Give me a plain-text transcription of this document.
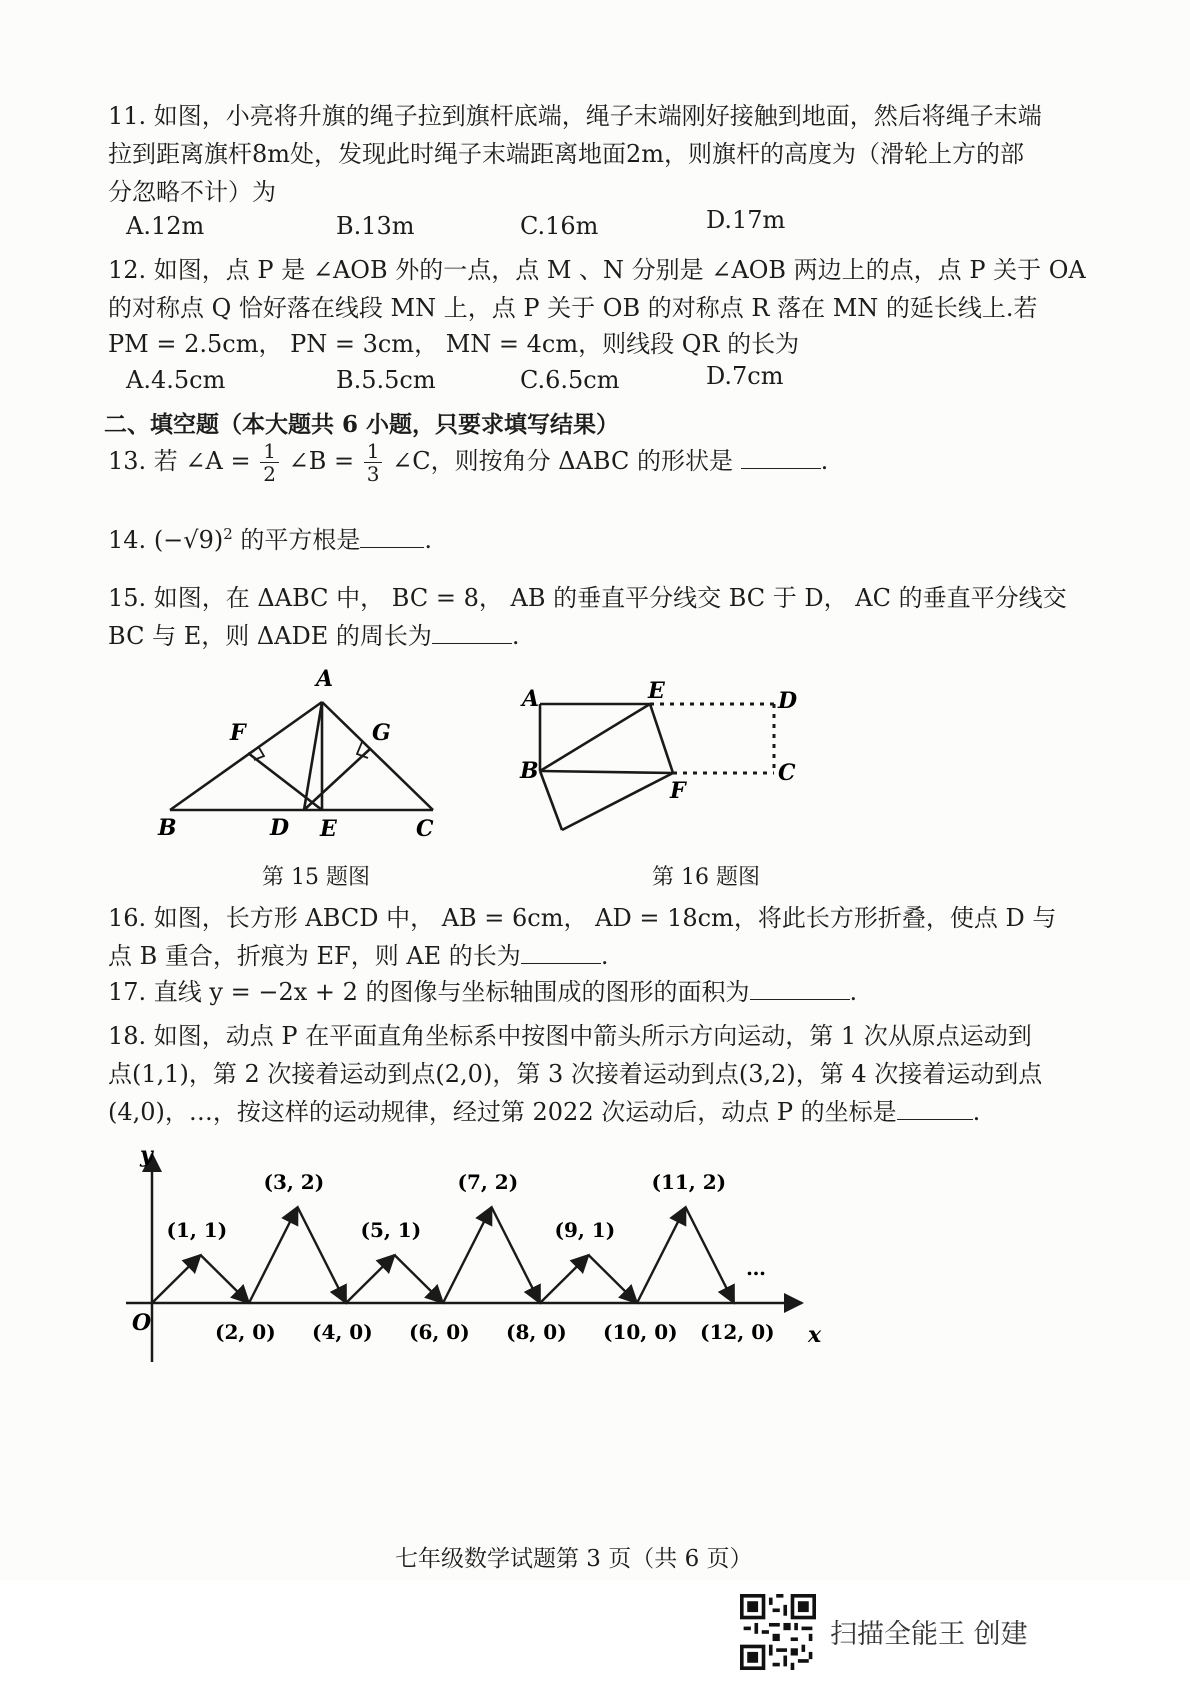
11. 如图，小亮将升旗的绳子拉到旗杆底端，绳子末端刚好接触到地面，然后将绳子末端
拉到距离旗杆8m处，发现此时绳子末端距离地面2m，则旗杆的高度为（滑轮上方的部
分忽略不计）为
A.12m	B.13m	C.16m	D.17m
12. 如图，点 P 是 ∠AOB 外的一点，点 M 、N 分别是 ∠AOB 两边上的点，点 P 关于 OA
的对称点 Q 恰好落在线段 MN 上，点 P 关于 OB 的对称点 R 落在 MN 的延长线上.若
PM = 2.5cm， PN = 3cm， MN = 4cm，则线段 QR 的长为
A.4.5cm	B.5.5cm	C.6.5cm	D.7cm
二、填空题（本大题共 6 小题，只要求填写结果）
13. 若 ∠A = $\frac{1}{2}$ ∠B = $\frac{1}{3}$ ∠C，则按角分 ΔABC 的形状是	.
14. $(-√9)^2$ 的平方根是	.
15. 如图，在 ΔABC 中， BC = 8， AB 的垂直平分线交 BC 于 D， AC 的垂直平分线交
BC 与 E，则 ΔADE 的周长为	.
A
F	G
B	D E	C
A	E	D
B
F
C
第 15 题图	第 16 题图
16. 如图，长方形 ABCD 中， AB = 6cm， AD = 18cm，将此长方形折叠，使点 D 与
点 B 重合，折痕为 EF，则 AE 的长为	.
17. 直线 y = −2x + 2 的图像与坐标轴围成的图形的面积为	.
18. 如图，动点 P 在平面直角坐标系中按图中箭头所示方向运动，第 1 次从原点运动到
点(1,1)，第 2 次接着运动到点(2,0)，第 3 次接着运动到点(3,2)，第 4 次接着运动到点
(4,0)，…，按这样的运动规律，经过第 2022 次运动后，动点 P 的坐标是	.
y
x
O
(1, 1)
(3, 2)
(5, 1)
(7, 2)
(9, 1)
(11, 2)
(2, 0) (4, 0) (6, 0) (8, 0) (10, 0) (12, 0)
…
七年级数学试题第 3 页（共 6 页）
扫描全能王 创建
